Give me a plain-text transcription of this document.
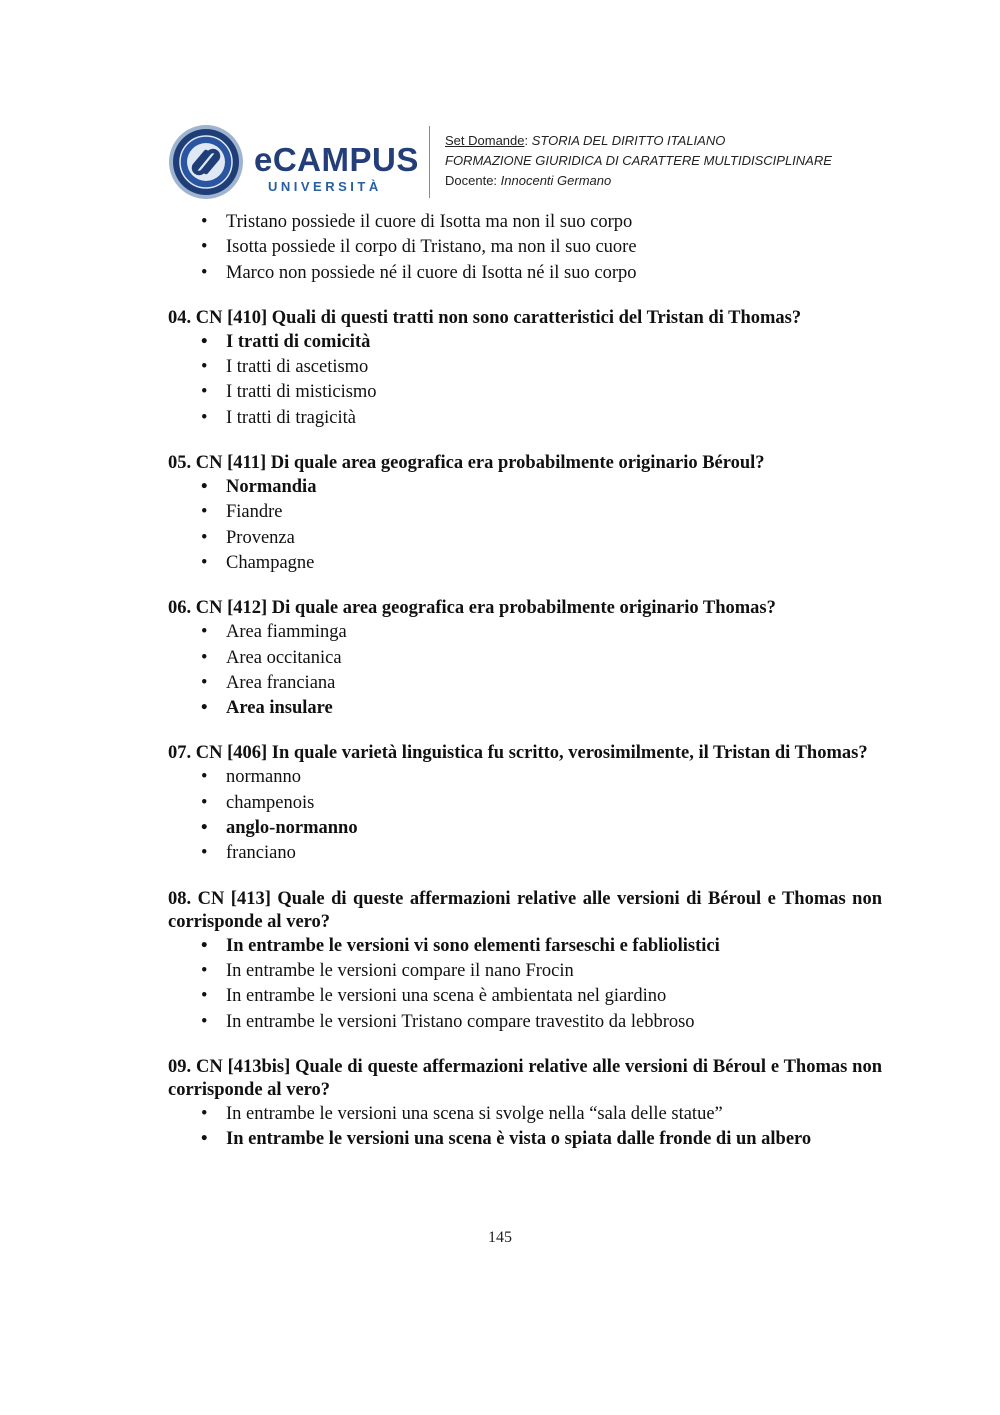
eCAMPUS
UNIVERSITÀ
Set Domande: STORIA DEL DIRITTO ITALIANO
FORMAZIONE GIURIDICA DI CARATTERE MULTIDISCIPLINARE
Docente: Innocenti Germano
• Tristano possiede il cuore di Isotta ma non il suo corpo
• Isotta possiede il corpo di Tristano, ma non il suo cuore
• Marco non possiede né il cuore di Isotta né il suo corpo

04. CN [410] Quali di questi tratti non sono caratteristici del Tristan di Thomas?

• I tratti di comicità
• I tratti di ascetismo
• I tratti di misticismo
• I tratti di tragicità

05. CN [411] Di quale area geografica era probabilmente originario Béroul?

• Normandia
• Fiandre
• Provenza
• Champagne

06. CN [412] Di quale area geografica era probabilmente originario Thomas?

• Area fiamminga
• Area occitanica
• Area franciana
• Area insulare

07. CN [406] In quale varietà linguistica fu scritto, verosimilmente, il Tristan di Thomas?

• normanno
• champenois
• anglo-normanno
• franciano

08. CN [413] Quale di queste affermazioni relative alle versioni di Béroul e Thomas non corrisponde al vero?

• In entrambe le versioni vi sono elementi farseschi e fabliolistici
• In entrambe le versioni compare il nano Frocin
• In entrambe le versioni una scena è ambientata nel giardino
• In entrambe le versioni Tristano compare travestito da lebbroso

09. CN [413bis] Quale di queste affermazioni relative alle versioni di Béroul e Thomas non corrisponde al vero?

• In entrambe le versioni una scena si svolge nella “sala delle statue”
• In entrambe le versioni una scena è vista o spiata dalle fronde di un albero
145
